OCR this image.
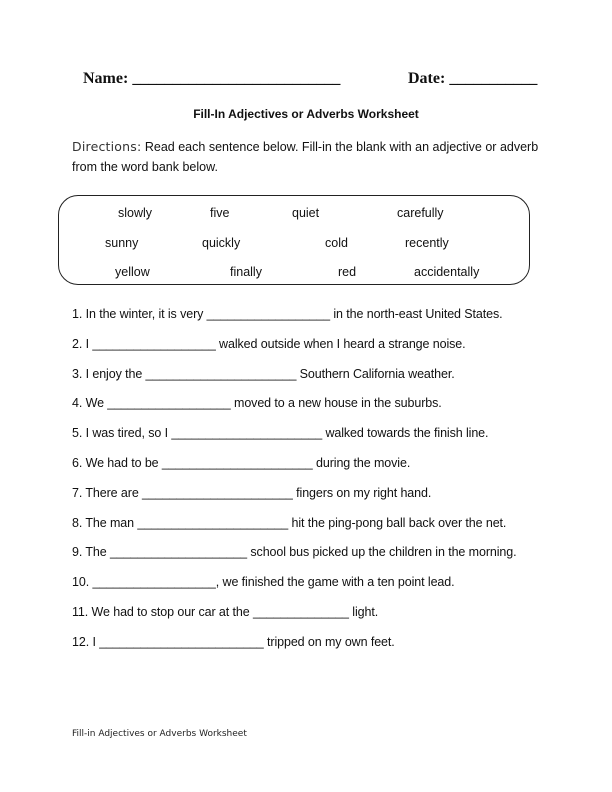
Name: __________________________	Date: ___________
Fill-In Adjectives or Adverbs Worksheet
Directions: Read each sentence below. Fill-in the blank with an adjective or adverb from the word bank below.
slowly	five	quiet	carefully
sunny	quickly	cold	recently
yellow	finally	red	accidentally
1. In the winter, it is very __________________ in the north-east United States.
2. I __________________ walked outside when I heard a strange noise.
3. I enjoy the ______________________ Southern California weather.
4. We __________________ moved to a new house in the suburbs.
5. I was tired, so I ______________________ walked towards the finish line.
6. We had to be ______________________ during the movie.
7. There are ______________________ fingers on my right hand.
8. The man ______________________ hit the ping-pong ball back over the net.
9. The ____________________ school bus picked up the children in the morning.
10. __________________, we finished the game with a ten point lead.
11. We had to stop our car at the ______________ light.
12. I ________________________ tripped on my own feet.
Fill-in Adjectives or Adverbs Worksheet
